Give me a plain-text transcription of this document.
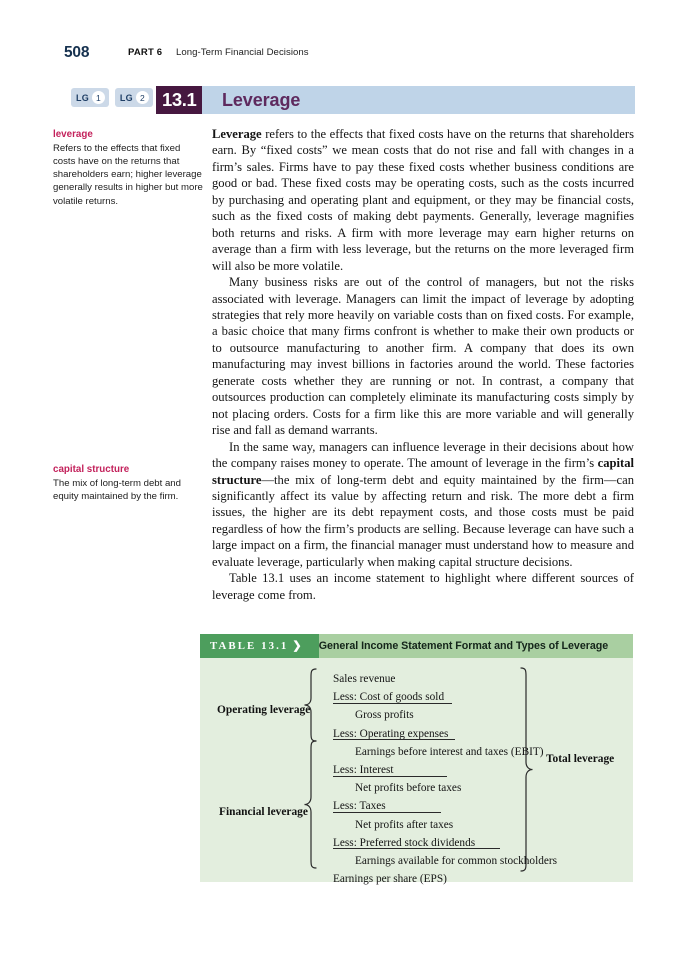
508	PART 6 Long-Term Financial Decisions
LG 1	LG 2 13.1	Leverage
leverage
Refers to the effects that fixed costs have on the returns that shareholders earn; higher leverage generally results in higher but more volatile returns.
capital structure
The mix of long-term debt and equity maintained by the firm.

Leverage refers to the effects that fixed costs have on the returns that shareholders earn. By “fixed costs” we mean costs that do not rise and fall with changes in a firm’s sales. Firms have to pay these fixed costs whether business conditions are good or bad. These fixed costs may be operating costs, such as the costs incurred by purchasing and operating plant and equipment, or they may be financial costs, such as the fixed costs of making debt payments. Generally, leverage magnifies both returns and risks. A firm with more leverage may earn higher returns on average than a firm with less leverage, but the returns on the more leveraged firm will also be more volatile.

Many business risks are out of the control of managers, but not the risks associated with leverage. Managers can limit the impact of leverage by adopting strategies that rely more heavily on variable costs than on fixed costs. For example, a basic choice that many firms confront is whether to make their own products or to outsource manufacturing to another firm. A company that does its own manufacturing may invest billions in factories around the world. These factories generate costs whether they are running or not. In contrast, a company that outsources production can completely eliminate its manufacturing costs simply by not placing orders. Costs for a firm like this are more variable and will generally rise and fall as demand warrants.

In the same way, managers can influence leverage in their decisions about how the company raises money to operate. The amount of leverage in the firm’s capital structure—the mix of long-term debt and equity maintained by the firm—can significantly affect its value by affecting return and risk. The more debt a firm issues, the higher are its debt repayment costs, and those costs must be paid regardless of how the firm’s products are selling. Because leverage can have such a large impact on a firm, the financial manager must understand how to measure and evaluate leverage, particularly when making capital structure decisions.

Table 13.1 uses an income statement to highlight where different sources of leverage come from.

TABLE 13.1 ❯	General Income Statement Format and Types of Leverage
Operating leverage
Financial leverage
Total leverage
Sales revenue
Less: Cost of goods sold
Gross profits
Less: Operating expenses
Earnings before interest and taxes (EBIT)
Less: Interest
Net profits before taxes
Less: Taxes
Net profits after taxes
Less: Preferred stock dividends
Earnings available for common stockholders
Earnings per share (EPS)
